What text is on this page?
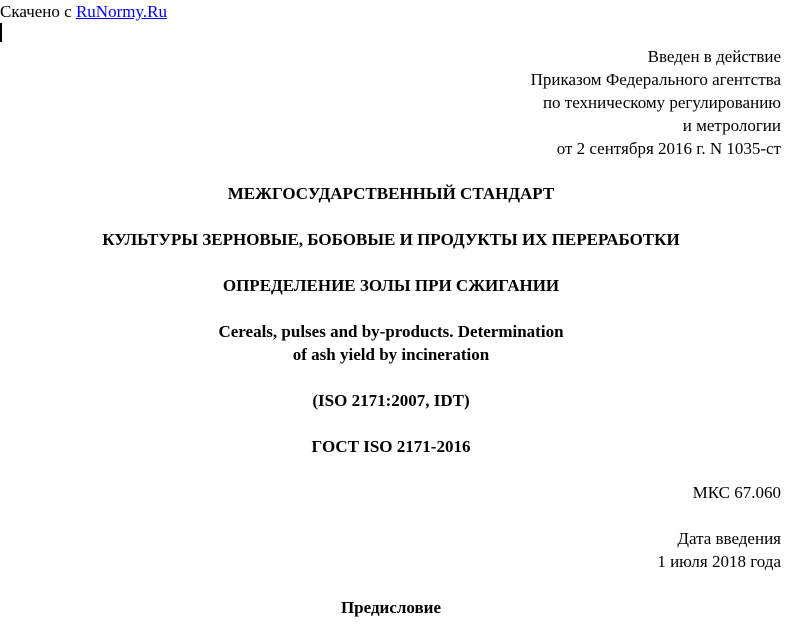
Скачено с RuNormy.Ru
Введен в действие
Приказом Федерального агентства
по техническому регулированию
и метрологии
от 2 сентября 2016 г. N 1035-ст
МЕЖГОСУДАРСТВЕННЫЙ СТАНДАРТ
КУЛЬТУРЫ ЗЕРНОВЫЕ, БОБОВЫЕ И ПРОДУКТЫ ИХ ПЕРЕРАБОТКИ
ОПРЕДЕЛЕНИЕ ЗОЛЫ ПРИ СЖИГАНИИ
Cereals, pulses and by-products. Determination
of ash yield by incineration
(ISO 2171:2007, IDT)
ГОСТ ISO 2171-2016
МКС 67.060
Дата введения
1 июля 2018 года
Предисловие
